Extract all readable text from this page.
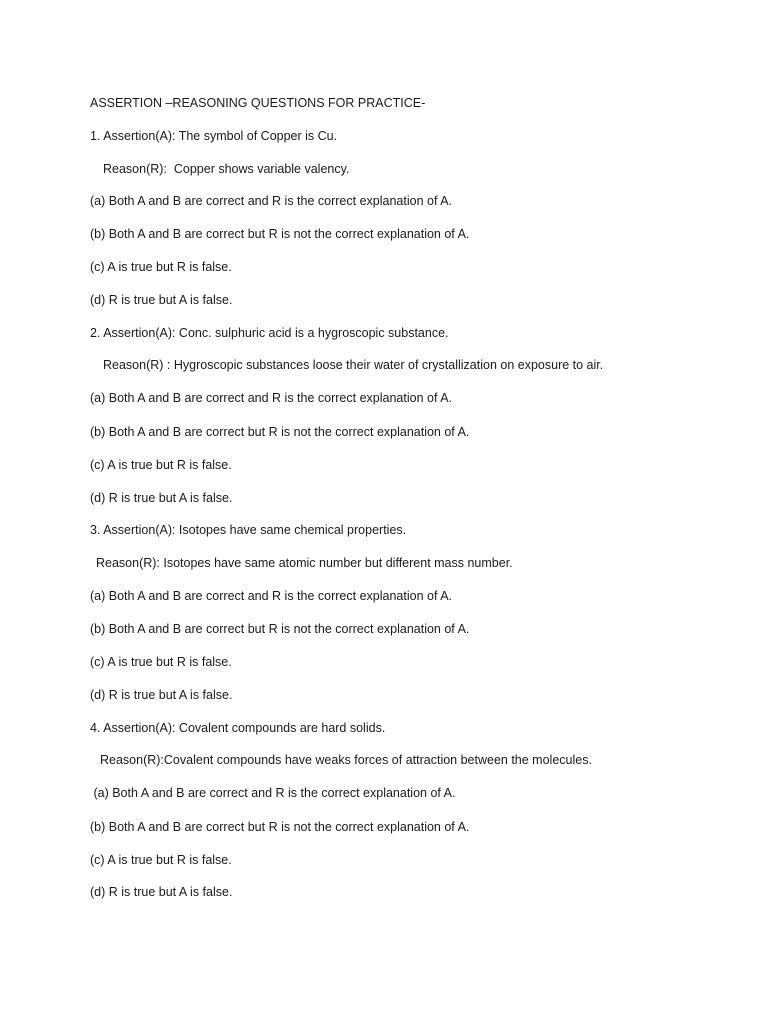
ASSERTION –REASONING QUESTIONS FOR PRACTICE-
1. Assertion(A): The symbol of Copper is Cu.
Reason(R):  Copper shows variable valency.
(a) Both A and B are correct and R is the correct explanation of A.
(b) Both A and B are correct but R is not the correct explanation of A.
(c) A is true but R is false.
(d) R is true but A is false.
2. Assertion(A): Conc. sulphuric acid is a hygroscopic substance.
Reason(R) : Hygroscopic substances loose their water of crystallization on exposure to air.
(a) Both A and B are correct and R is the correct explanation of A.
(b) Both A and B are correct but R is not the correct explanation of A.
(c) A is true but R is false.
(d) R is true but A is false.
3. Assertion(A): Isotopes have same chemical properties.
Reason(R): Isotopes have same atomic number but different mass number.
(a) Both A and B are correct and R is the correct explanation of A.
(b) Both A and B are correct but R is not the correct explanation of A.
(c) A is true but R is false.
(d) R is true but A is false.
4. Assertion(A): Covalent compounds are hard solids.
Reason(R):Covalent compounds have weaks forces of attraction between the molecules.
(a) Both A and B are correct and R is the correct explanation of A.
(b) Both A and B are correct but R is not the correct explanation of A.
(c) A is true but R is false.
(d) R is true but A is false.
